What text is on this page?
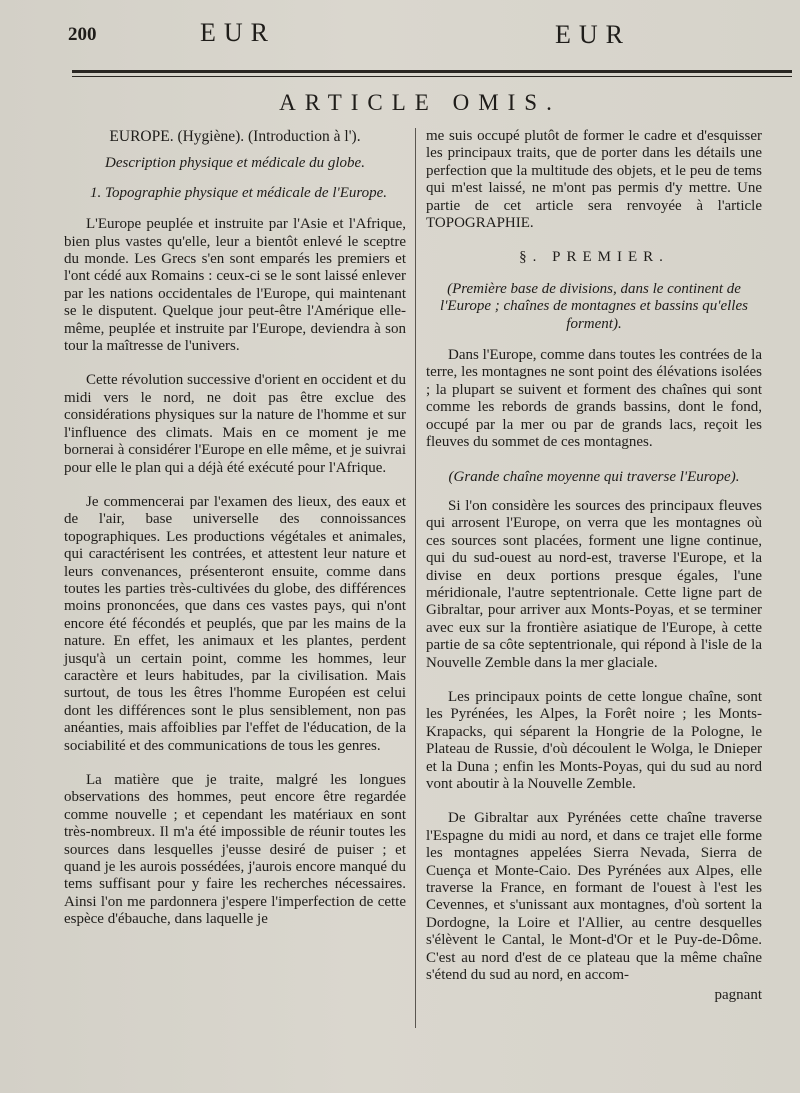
200	EUR	EUR
ARTICLE OMIS.

EUROPE. (Hygiène). (Introduction à l').

Description physique et médicale du globe.

1. Topographie physique et médicale de l'Europe.

L'Europe peuplée et instruite par l'Asie et l'Afrique, bien plus vastes qu'elle, leur a bientôt enlevé le sceptre du monde. Les Grecs s'en sont emparés les premiers et l'ont cédé aux Romains : ceux-ci se le sont laissé enlever par les nations occidentales de l'Europe, qui maintenant se le disputent. Quelque jour peut-être l'Amérique elle-même, peuplée et instruite par l'Europe, deviendra à son tour la maîtresse de l'univers.

Cette révolution successive d'orient en occident et du midi vers le nord, ne doit pas être exclue des considérations physiques sur la nature de l'homme et sur l'influence des climats. Mais en ce moment je me bornerai à considérer l'Europe en elle même, et je suivrai pour elle le plan qui a déjà été exécuté pour l'Afrique.

Je commencerai par l'examen des lieux, des eaux et de l'air, base universelle des connoissances topographiques. Les productions végétales et animales, qui caractérisent les contrées, et attestent leur nature et leurs convenances, présenteront ensuite, comme dans toutes les parties très-cultivées du globe, des différences moins prononcées, que dans ces vastes pays, qui n'ont encore été fécondés et peuplés, que par les mains de la nature. En effet, les animaux et les plantes, perdent jusqu'à un certain point, comme les hommes, leur caractère et leurs habitudes, par la civilisation. Mais surtout, de tous les êtres l'homme Européen est celui dont les différences sont le plus sensiblement, non pas anéanties, mais affoiblies par l'effet de l'éducation, de la sociabilité et des communications de tous les genres.

La matière que je traite, malgré les longues observations des hommes, peut encore être regardée comme nouvelle ; et cependant les matériaux en sont très-nombreux. Il m'a été impossible de réunir toutes les sources dans lesquelles j'eusse desiré de puiser ; et quand je les aurois possédées, j'aurois encore manqué du tems suffisant pour y faire les recherches nécessaires. Ainsi l'on me pardonnera j'espere l'imperfection de cette espèce d'ébauche, dans laquelle je

me suis occupé plutôt de former le cadre et d'esquisser les principaux traits, que de porter dans les détails une perfection que la multitude des objets, et le peu de tems qui m'est laissé, ne m'ont pas permis d'y mettre. Une partie de cet article sera renvoyée à l'article TOPOGRAPHIE.

§. PREMIER.

(Première base de divisions, dans le continent de l'Europe ; chaînes de montagnes et bassins qu'elles forment).

Dans l'Europe, comme dans toutes les contrées de la terre, les montagnes ne sont point des élévations isolées ; la plupart se suivent et forment des chaînes qui sont comme les rebords de grands bassins, dont le fond, occupé par la mer ou par de grands lacs, reçoit les fleuves du sommet de ces montagnes.

(Grande chaîne moyenne qui traverse l'Europe).

Si l'on considère les sources des principaux fleuves qui arrosent l'Europe, on verra que les montagnes où ces sources sont placées, forment une ligne continue, qui du sud-ouest au nord-est, traverse l'Europe, et la divise en deux portions presque égales, l'une méridionale, l'autre septentrionale. Cette ligne part de Gibraltar, pour arriver aux Monts-Poyas, et se terminer avec eux sur la frontière asiatique de l'Europe, à cette partie de sa côte septentrionale, qui répond à l'isle de la Nouvelle Zemble dans la mer glaciale.

Les principaux points de cette longue chaîne, sont les Pyrénées, les Alpes, la Forêt noire ; les Monts-Krapacks, qui séparent la Hongrie de la Pologne, le Plateau de Russie, d'où découlent le Wolga, le Dnieper et la Duna ; enfin les Monts-Poyas, qui du sud au nord vont aboutir à la Nouvelle Zemble.

De Gibraltar aux Pyrénées cette chaîne traverse l'Espagne du midi au nord, et dans ce trajet elle forme les montagnes appelées Sierra Nevada, Sierra de Cuença et Monte-Caio. Des Pyrénées aux Alpes, elle traverse la France, en formant de l'ouest à l'est les Cevennes, et s'unissant aux montagnes, d'où sortent la Dordogne, la Loire et l'Allier, au centre desquelles s'élèvent le Cantal, le Mont-d'Or et le Puy-de-Dôme. C'est au nord d'est de ce plateau que la même chaîne s'étend du sud au nord, en accom-

pagnant
